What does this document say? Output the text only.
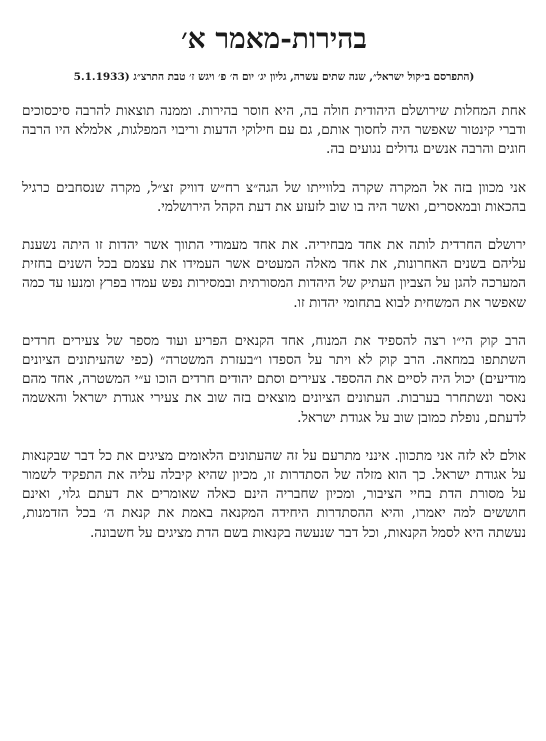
בהירות-מאמר א׳
(התפרסם ב״קול ישראל״, שנה שתים עשרה, גליון יג׳ יום ה׳ פ׳ ויגש ז׳ טבת התרצ״ג (5.1.1933

אחת המחלות שירושלם היהודית חולה בה, היא חוסר בהירות. וממנה תוצאות להרבה סיכסוכים ודברי קינטור שאפשר היה לחסוך אותם, גם עם חילוקי הדעות וריבוי המפלגות, אלמלא היו הרבה חוגים והרבה אנשים גדולים נגועים בה.

אני מכוון בזה אל המקרה שקרה בלווייתו של הגה״צ רח״ש דוויק זצ״ל, מקרה שנסחבים כרגיל בהכאות ובמאסרים, ואשר היה בו שוב לזעזע את דעת הקהל הירושלמי.

ירושלם החרדית לותה את אחד מבחיריה. את אחד מעמודי התווך אשר יהדות זו היתה נשענת עליהם בשנים האחרונות, את אחד מאלה המעטים אשר העמידו את עצמם בכל השנים בחזית המערכה להגן על הצביון העתיק של היהדות המסורתית ובמסירות נפש עמדו בפרץ ומנעו עד כמה שאפשר את המשחית לבוא בתחומי יהדות זו.

הרב קוק הי״ו רצה להספיד את המנוח, אחד הקנאים הפריע ועוד מספר של צעירים חרדים השתתפו במחאה. הרב קוק לא ויתר על הספדו ו״בעזרת המשטרה״ (כפי שהעיתונים הציונים מודיעים) יכול היה לסיים את ההספד. צעירים וסתם יהודים חרדים הוכו ע״י המשטרה, אחד מהם נאסר ונשתחרר בערבות. העתונים הציונים מוצאים בזה שוב את צעירי אגודת ישראל והאשמה לדעתם, נופלת כמובן שוב על אגודת ישראל.

אולם לא לזה אני מתכוון. אינני מתרעם על זה שהעתונים הלאומים מציגים את כל דבר שבקנאות על אגודת ישראל. כך הוא מזלה של הסתדרות זו, מכיון שהיא קיבלה עליה את התפקיד לשמור על מסורת הדת בחיי הציבור, ומכיון שחבריה הינם כאלה שאומרים את דעתם גלוי, ואינם חוששים למה יאמרו, והיא ההסתדרות היחידה המקנאה באמת את קנאת ה׳ בכל הזדמנות, נעשתה היא לסמל הקנאות, וכל דבר שנעשה בקנאות בשם הדת מציגים על חשבונה.
